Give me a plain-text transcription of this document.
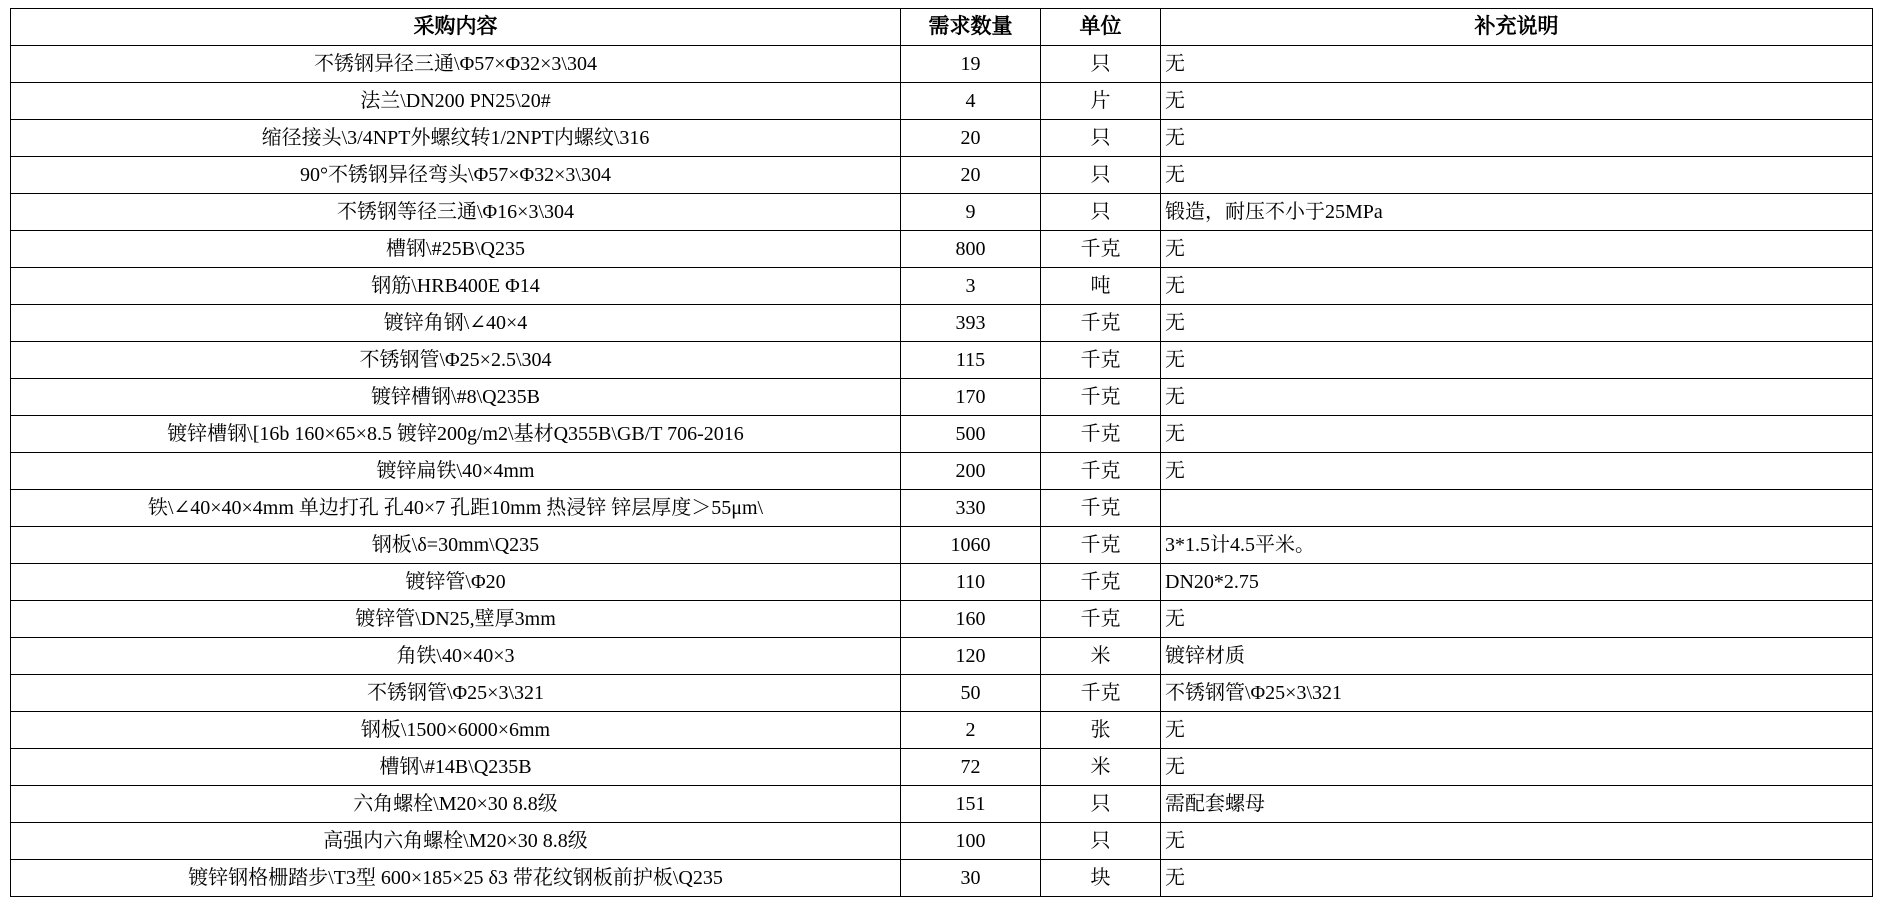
采购内容	需求数量	单位	补充说明
不锈钢异径三通\Φ57×Φ32×3\304	19	只	无
法兰\DN200 PN25\20#	4	片	无
缩径接头\3/4NPT外螺纹转1/2NPT内螺纹\316	20	只	无
90°不锈钢异径弯头\Φ57×Φ32×3\304	20	只	无
不锈钢等径三通\Φ16×3\304	9	只	锻造，耐压不小于25MPa
槽钢\#25B\Q235	800	千克	无
钢筋\HRB400E Φ14	3	吨	无
镀锌角钢\∠40×4	393	千克	无
不锈钢管\Φ25×2.5\304	115	千克	无
镀锌槽钢\#8\Q235B	170	千克	无
镀锌槽钢\[16b 160×65×8.5 镀锌200g/m2\基材Q355B\GB/T 706-2016	500	千克	无
镀锌扁铁\40×4mm	200	千克	无
铁\∠40×40×4mm 单边打孔 孔40×7 孔距10mm 热浸锌 锌层厚度＞55μm\	330	千克	
钢板\δ=30mm\Q235	1060	千克	3*1.5计4.5平米。
镀锌管\Φ20	110	千克	DN20*2.75
镀锌管\DN25,壁厚3mm	160	千克	无
角铁\40×40×3	120	米	镀锌材质
不锈钢管\Φ25×3\321	50	千克	不锈钢管\Φ25×3\321
钢板\1500×6000×6mm	2	张	无
槽钢\#14B\Q235B	72	米	无
六角螺栓\M20×30 8.8级	151	只	需配套螺母
高强内六角螺栓\M20×30 8.8级	100	只	无
镀锌钢格栅踏步\T3型 600×185×25 δ3 带花纹钢板前护板\Q235	30	块	无
